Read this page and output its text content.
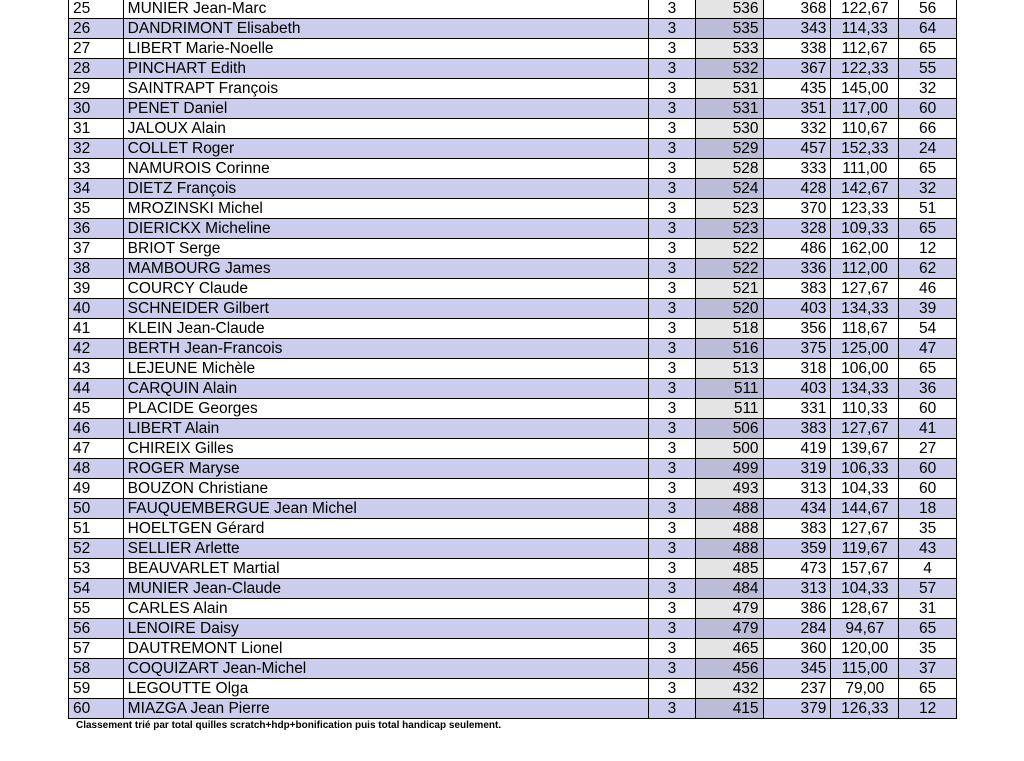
25	MUNIER Jean-Marc	3	536	368	122,67	56
26	DANDRIMONT Elisabeth	3	535	343	114,33	64
27	LIBERT Marie-Noelle	3	533	338	112,67	65
28	PINCHART Edith	3	532	367	122,33	55
29	SAINTRAPT François	3	531	435	145,00	32
30	PENET Daniel	3	531	351	117,00	60
31	JALOUX Alain	3	530	332	110,67	66
32	COLLET Roger	3	529	457	152,33	24
33	NAMUROIS Corinne	3	528	333	111,00	65
34	DIETZ François	3	524	428	142,67	32
35	MROZINSKI Michel	3	523	370	123,33	51
36	DIERICKX Micheline	3	523	328	109,33	65
37	BRIOT Serge	3	522	486	162,00	12
38	MAMBOURG James	3	522	336	112,00	62
39	COURCY Claude	3	521	383	127,67	46
40	SCHNEIDER Gilbert	3	520	403	134,33	39
41	KLEIN Jean-Claude	3	518	356	118,67	54
42	BERTH Jean-Francois	3	516	375	125,00	47
43	LEJEUNE Michèle	3	513	318	106,00	65
44	CARQUIN Alain	3	511	403	134,33	36
45	PLACIDE Georges	3	511	331	110,33	60
46	LIBERT Alain	3	506	383	127,67	41
47	CHIREIX Gilles	3	500	419	139,67	27
48	ROGER Maryse	3	499	319	106,33	60
49	BOUZON Christiane	3	493	313	104,33	60
50	FAUQUEMBERGUE Jean Michel	3	488	434	144,67	18
51	HOELTGEN Gérard	3	488	383	127,67	35
52	SELLIER Arlette	3	488	359	119,67	43
53	BEAUVARLET Martial	3	485	473	157,67	4
54	MUNIER Jean-Claude	3	484	313	104,33	57
55	CARLES Alain	3	479	386	128,67	31
56	LENOIRE Daisy	3	479	284	94,67	65
57	DAUTREMONT Lionel	3	465	360	120,00	35
58	COQUIZART Jean-Michel	3	456	345	115,00	37
59	LEGOUTTE Olga	3	432	237	79,00	65
60	MIAZGA Jean Pierre	3	415	379	126,33	12
Classement trié par total quilles scratch+hdp+bonification puis total handicap seulement.
